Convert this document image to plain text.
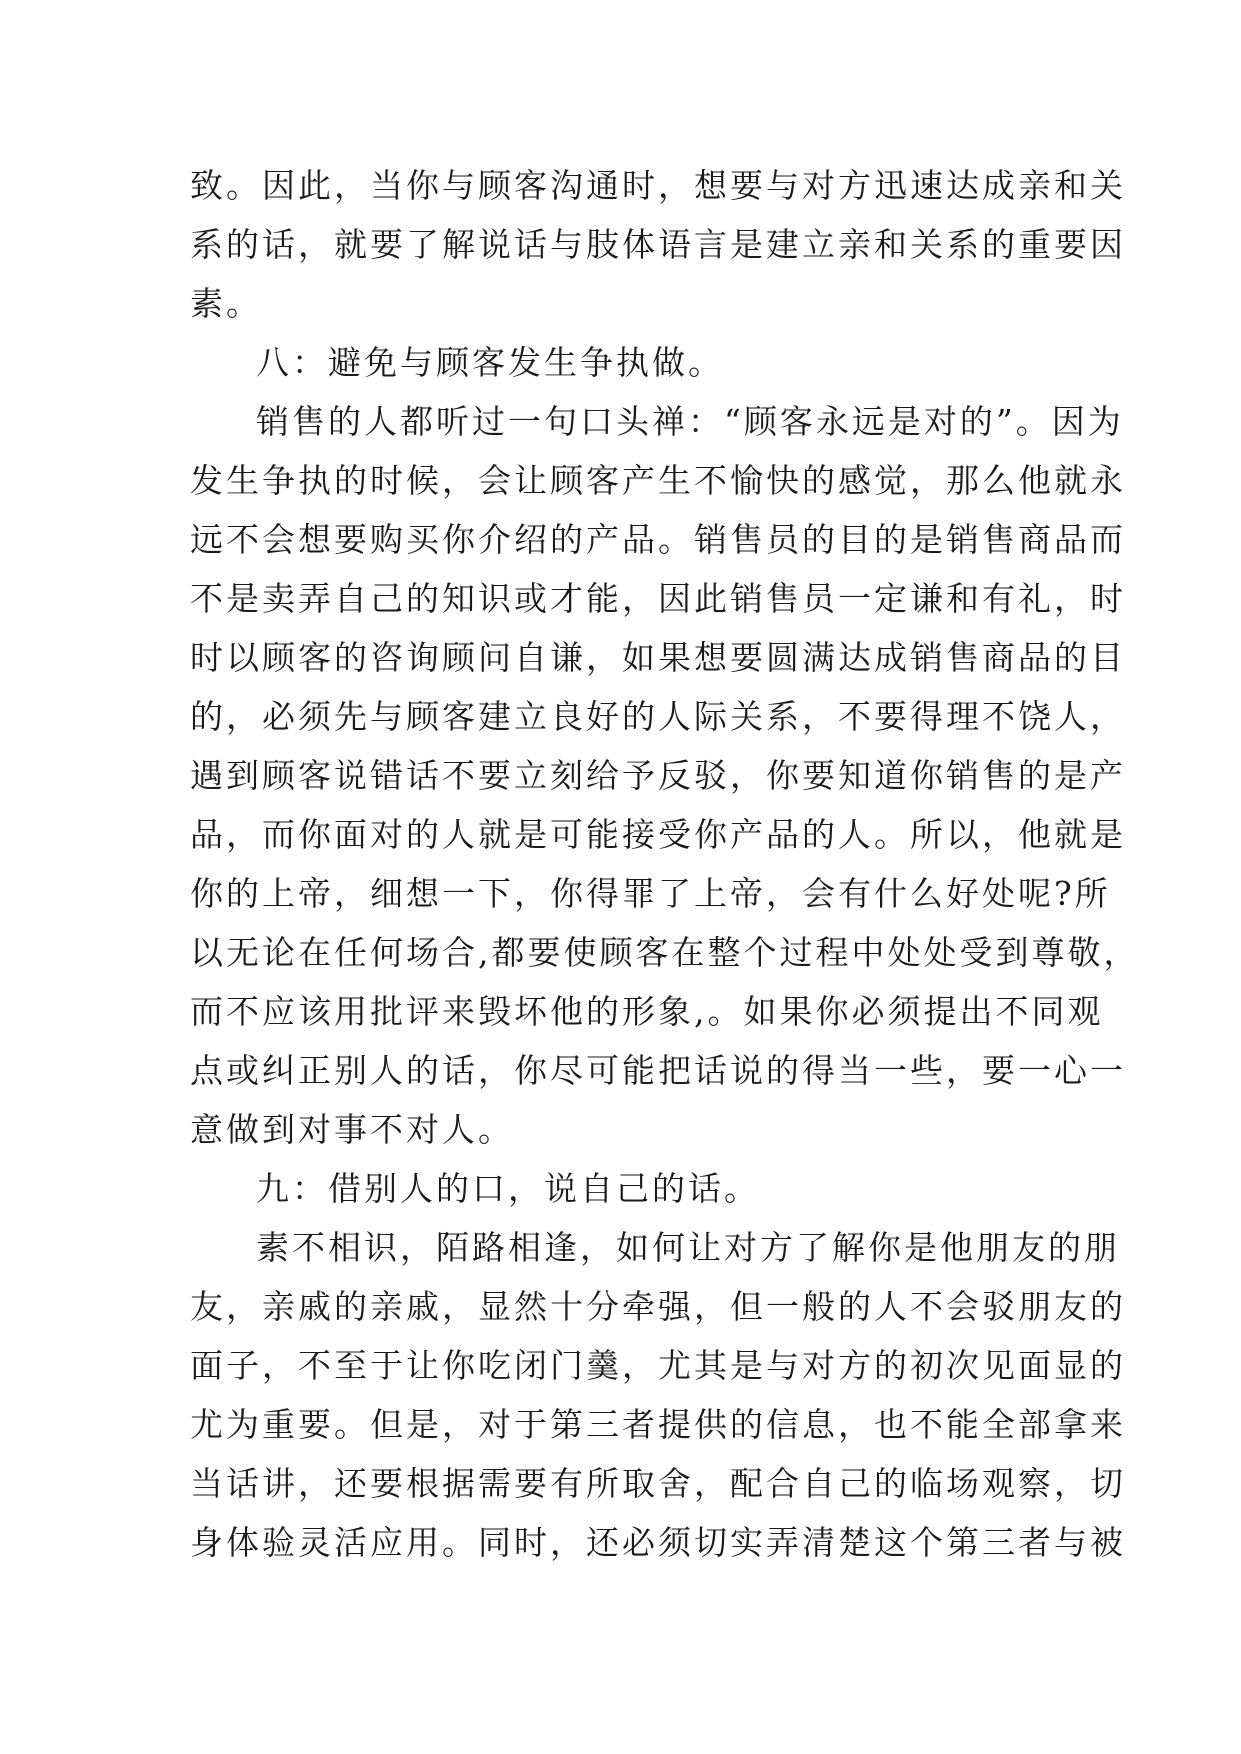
致。因此，当你与顾客沟通时，想要与对方迅速达成亲和关
系的话，就要了解说话与肢体语言是建立亲和关系的重要因
素。
八：避免与顾客发生争执做。
销售的人都听过一句口头禅：“顾客永远是对的”。因为
发生争执的时候，会让顾客产生不愉快的感觉，那么他就永
远不会想要购买你介绍的产品。销售员的目的是销售商品而
不是卖弄自己的知识或才能，因此销售员一定谦和有礼，时
时以顾客的咨询顾问自谦，如果想要圆满达成销售商品的目
的，必须先与顾客建立良好的人际关系，不要得理不饶人，
遇到顾客说错话不要立刻给予反驳，你要知道你销售的是产
品，而你面对的人就是可能接受你产品的人。所以，他就是
你的上帝，细想一下，你得罪了上帝，会有什么好处呢?所
以无论在任何场合,都要使顾客在整个过程中处处受到尊敬，
而不应该用批评来毁坏他的形象,。如果你必须提出不同观
点或纠正别人的话，你尽可能把话说的得当一些，要一心一
意做到对事不对人。
九：借别人的口，说自己的话。
素不相识，陌路相逢，如何让对方了解你是他朋友的朋
友，亲戚的亲戚，显然十分牵强，但一般的人不会驳朋友的
面子，不至于让你吃闭门羹，尤其是与对方的初次见面显的
尤为重要。但是，对于第三者提供的信息，也不能全部拿来
当话讲，还要根据需要有所取舍，配合自己的临场观察，切
身体验灵活应用。同时，还必须切实弄清楚这个第三者与被
